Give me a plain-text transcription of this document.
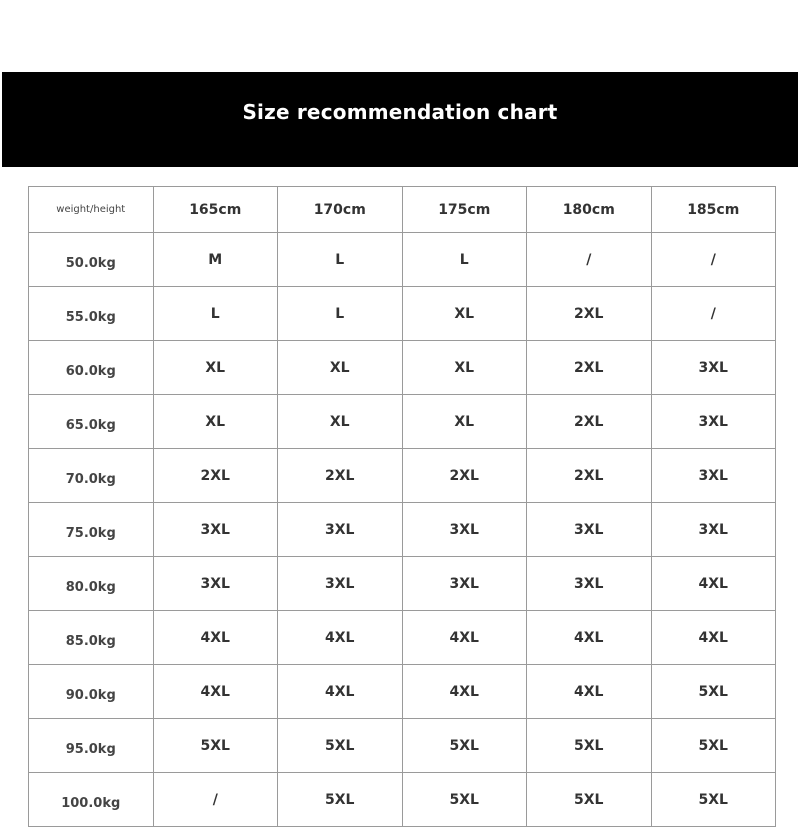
Size recommendation chart
weight/height	165cm	170cm	175cm	180cm	185cm
50.0kg	M	L	L	/	/
55.0kg	L	L	XL	2XL	/
60.0kg	XL	XL	XL	2XL	3XL
65.0kg	XL	XL	XL	2XL	3XL
70.0kg	2XL	2XL	2XL	2XL	3XL
75.0kg	3XL	3XL	3XL	3XL	3XL
80.0kg	3XL	3XL	3XL	3XL	4XL
85.0kg	4XL	4XL	4XL	4XL	4XL
90.0kg	4XL	4XL	4XL	4XL	5XL
95.0kg	5XL	5XL	5XL	5XL	5XL
100.0kg	/	5XL	5XL	5XL	5XL
